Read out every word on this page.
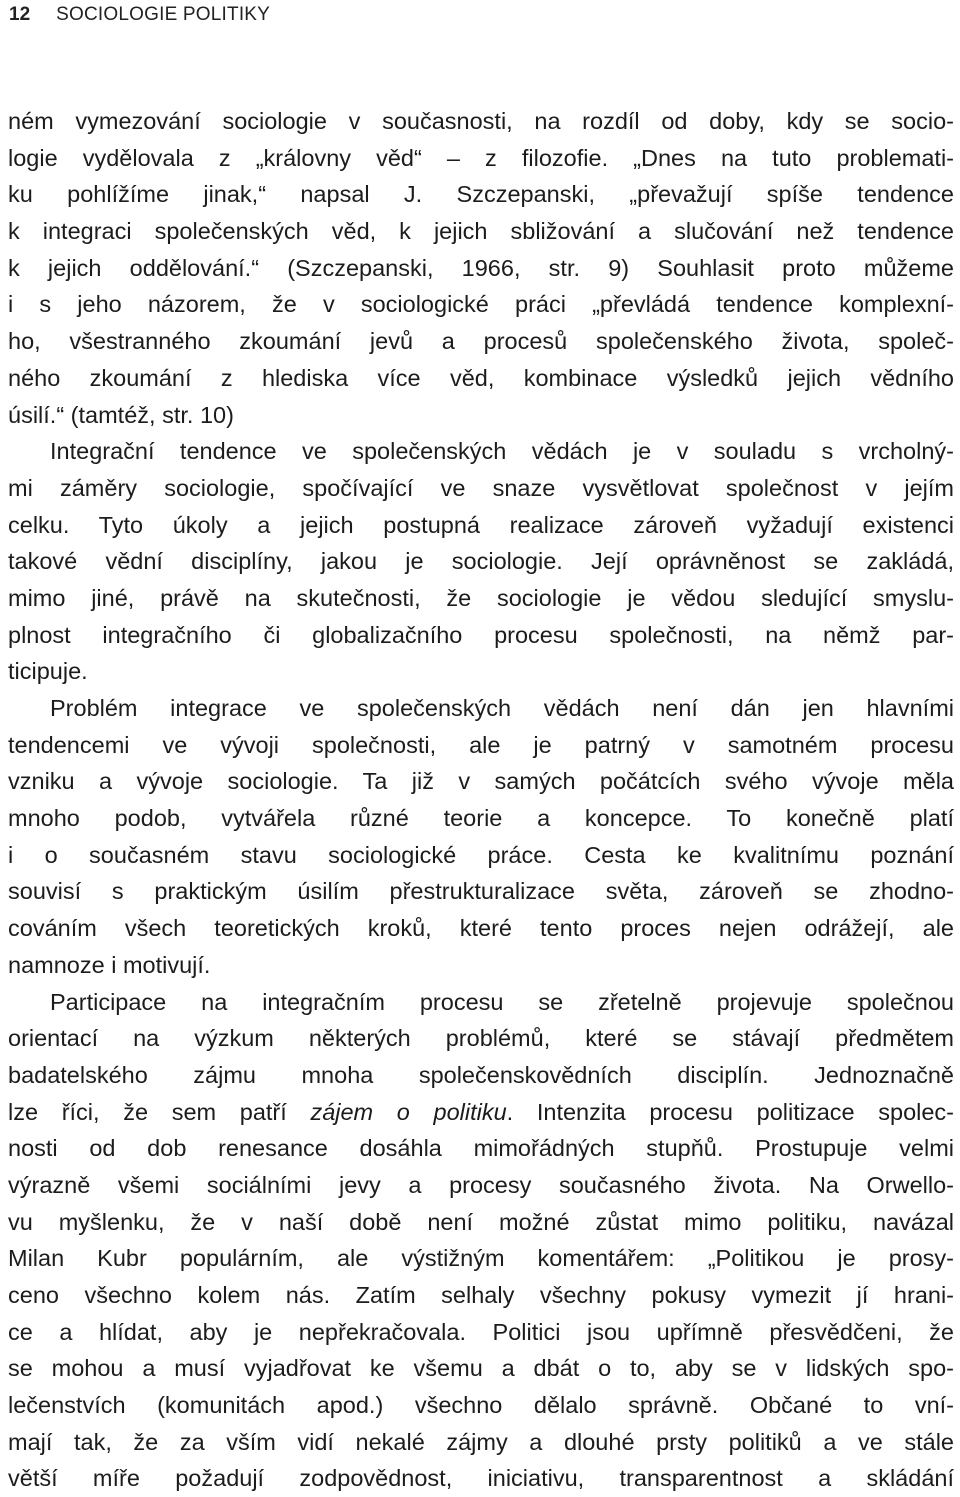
12 SOCIOLOGIE POLITIKY
ném vymezování sociologie v současnosti, na rozdíl od doby, kdy se socio-
logie vydělovala z „královny věd“ – z filozofie. „Dnes na tuto problemati-
ku pohlížíme jinak,“ napsal J. Szczepanski, „převažují spíše tendence
k integraci společenských věd, k jejich sbližování a slučování než tendence
k jejich oddělování.“ (Szczepanski, 1966, str. 9) Souhlasit proto můžeme
i s jeho názorem, že v sociologické práci „převládá tendence komplexní-
ho, všestranného zkoumání jevů a procesů společenského života, společ-
ného zkoumání z hlediska více věd, kombinace výsledků jejich vědního
úsilí.“ (tamtéž, str. 10)
Integrační tendence ve společenských vědách je v souladu s vrcholný-
mi záměry sociologie, spočívající ve snaze vysvětlovat společnost v jejím
celku. Tyto úkoly a jejich postupná realizace zároveň vyžadují existenci
takové vědní disciplíny, jakou je sociologie. Její oprávněnost se zakládá,
mimo jiné, právě na skutečnosti, že sociologie je vědou sledující smyslu-
plnost integračního či globalizačního procesu společnosti, na němž par-
ticipuje.
Problém integrace ve společenských vědách není dán jen hlavními
tendencemi ve vývoji společnosti, ale je patrný v samotném procesu
vzniku a vývoje sociologie. Ta již v samých počátcích svého vývoje měla
mnoho podob, vytvářela různé teorie a koncepce. To konečně platí
i o současném stavu sociologické práce. Cesta ke kvalitnímu poznání
souvisí s praktickým úsilím přestrukturalizace světa, zároveň se zhodno-
cováním všech teoretických kroků, které tento proces nejen odrážejí, ale
namnoze i motivují.
Participace na integračním procesu se zřetelně projevuje společnou
orientací na výzkum některých problémů, které se stávají předmětem
badatelského zájmu mnoha společenskovědních disciplín. Jednoznačně
lze říci, že sem patří zájem o politiku. Intenzita procesu politizace spolec-
nosti od dob renesance dosáhla mimořádných stupňů. Prostupuje velmi
výrazně všemi sociálními jevy a procesy současného života. Na Orwello-
vu myšlenku, že v naší době není možné zůstat mimo politiku, navázal
Milan Kubr populárním, ale výstižným komentářem: „Politikou je prosy-
ceno všechno kolem nás. Zatím selhaly všechny pokusy vymezit jí hrani-
ce a hlídat, aby je nepřekračovala. Politici jsou upřímně přesvědčeni, že
se mohou a musí vyjadřovat ke všemu a dbát o to, aby se v lidských spo-
lečenstvích (komunitách apod.) všechno dělalo správně. Občané to vní-
mají tak, že za vším vidí nekalé zájmy a dlouhé prsty politiků a ve stále
větší míře požadují zodpovědnost, iniciativu, transparentnost a skládání
